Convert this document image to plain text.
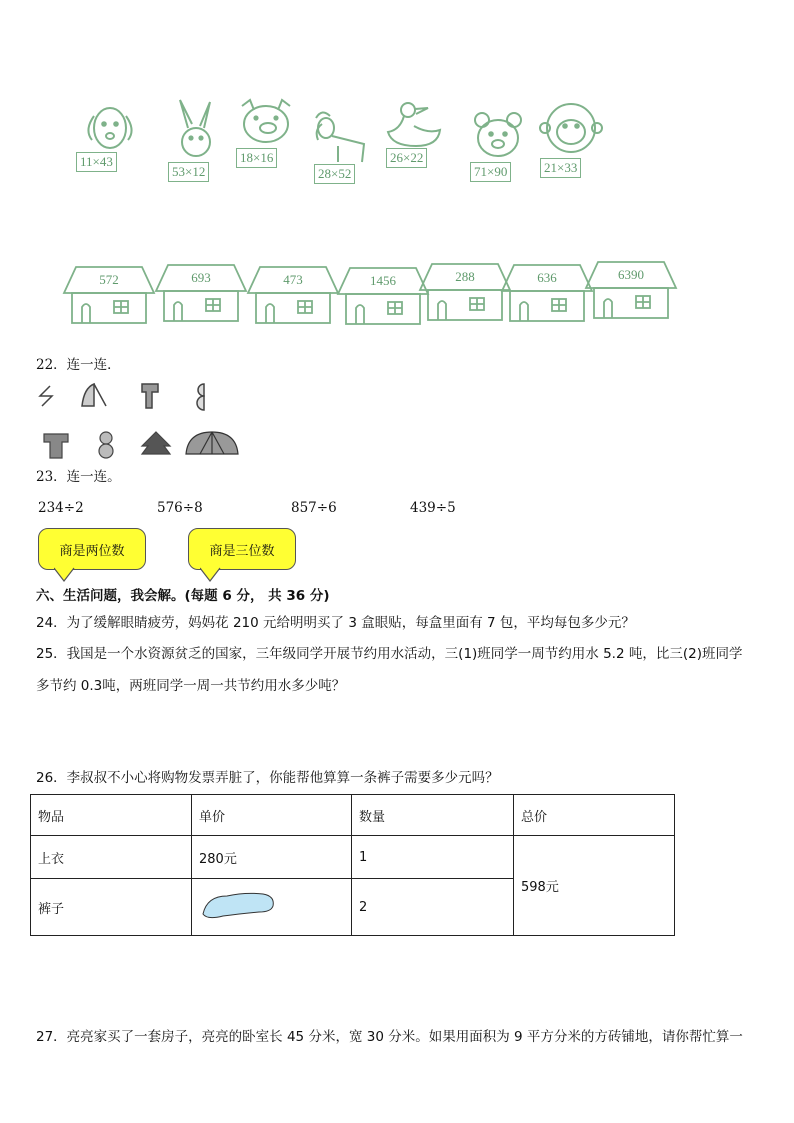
11×43
53×12
18×16
28×52
26×22
71×90	21×33
572	693	473	1456	288	636	6390
22．连一连．
23．连一连。
234÷2	576÷8	857÷6	439÷5
商是两位数	商是三位数
六、生活问题，我会解。(每题 6 分， 共 36 分)
24．为了缓解眼睛疲劳，妈妈花 210 元给明明买了 3 盒眼贴，每盒里面有 7 包，平均每包多少元？
25．我国是一个水资源贫乏的国家，三年级同学开展节约用水活动，三(1)班同学一周节约用水 5.2 吨，比三(2)班同学
多节约 0.3吨，两班同学一周一共节约用水多少吨？
26．李叔叔不小心将购物发票弄脏了，你能帮他算算一条裤子需要多少元吗？
物品	单价	数量	总价
上衣	280元	1	598元
裤子		2	
27．亮亮家买了一套房子，亮亮的卧室长 45 分米，宽 30 分米。如果用面积为 9 平方分米的方砖铺地，请你帮忙算一
